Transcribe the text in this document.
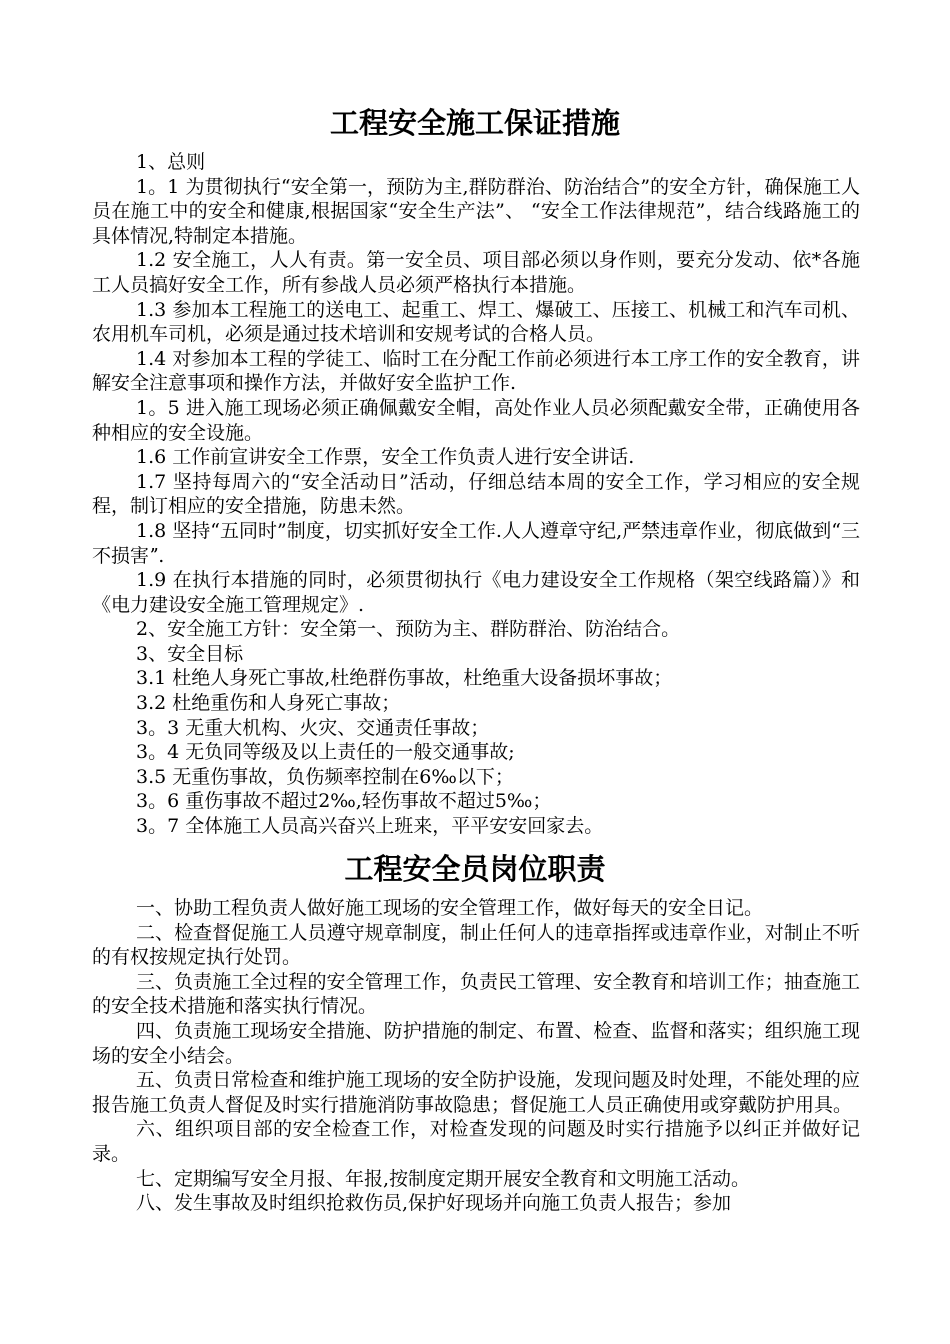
工程安全施工保证措施

1、总则

1。1 为贯彻执行“安全第一，预防为主,群防群治、防治结合”的安全方针，确保施工人员在施工中的安全和健康,根据国家“安全生产法”、 “安全工作法律规范”，结合线路施工的具体情况,特制定本措施。

1.2 安全施工，人人有责。第一安全员、项目部必须以身作则，要充分发动、依*各施工人员搞好安全工作，所有参战人员必须严格执行本措施。

1.3 参加本工程施工的送电工、起重工、焊工、爆破工、压接工、机械工和汽车司机、农用机车司机，必须是通过技术培训和安规考试的合格人员。

1.4 对参加本工程的学徒工、临时工在分配工作前必须进行本工序工作的安全教育，讲解安全注意事项和操作方法，并做好安全监护工作.

1。5 进入施工现场必须正确佩戴安全帽，高处作业人员必须配戴安全带，正确使用各种相应的安全设施。

1.6 工作前宣讲安全工作票，安全工作负责人进行安全讲话.

1.7 坚持每周六的“安全活动日”活动，仔细总结本周的安全工作，学习相应的安全规程，制订相应的安全措施，防患未然。

1.8 坚持“五同时”制度，切实抓好安全工作.人人遵章守纪,严禁违章作业，彻底做到“三不损害ˮ.

1.9 在执行本措施的同时，必须贯彻执行《电力建设安全工作规格（架空线路篇）》和《电力建设安全施工管理规定》.

2、安全施工方针：安全第一、预防为主、群防群治、防治结合。

3、安全目标

3.1 杜绝人身死亡事故,杜绝群伤事故，杜绝重大设备损坏事故；

3.2 杜绝重伤和人身死亡事故；

3。3 无重大机构、火灾、交通责任事故；

3。4 无负同等级及以上责任的一般交通事故;

3.5 无重伤事故，负伤频率控制在6‰以下；

3。6 重伤事故不超过2‰,轻伤事故不超过5‰；

3。7 全体施工人员高兴奋兴上班来，平平安安回家去。

工程安全员岗位职责

一、协助工程负责人做好施工现场的安全管理工作，做好每天的安全日记。

二、检查督促施工人员遵守规章制度，制止任何人的违章指挥或违章作业，对制止不听的有权按规定执行处罚。

三、负责施工全过程的安全管理工作，负责民工管理、安全教育和培训工作；抽查施工的安全技术措施和落实执行情况。

四、负责施工现场安全措施、防护措施的制定、布置、检查、监督和落实；组织施工现场的安全小结会。

五、负责日常检查和维护施工现场的安全防护设施，发现问题及时处理，不能处理的应报告施工负责人督促及时实行措施消防事故隐患；督促施工人员正确使用或穿戴防护用具。

六、组织项目部的安全检查工作，对检查发现的问题及时实行措施予以纠正并做好记录。

七、定期编写安全月报、年报,按制度定期开展安全教育和文明施工活动。

八、发生事故及时组织抢救伤员,保护好现场并向施工负责人报告；参加
